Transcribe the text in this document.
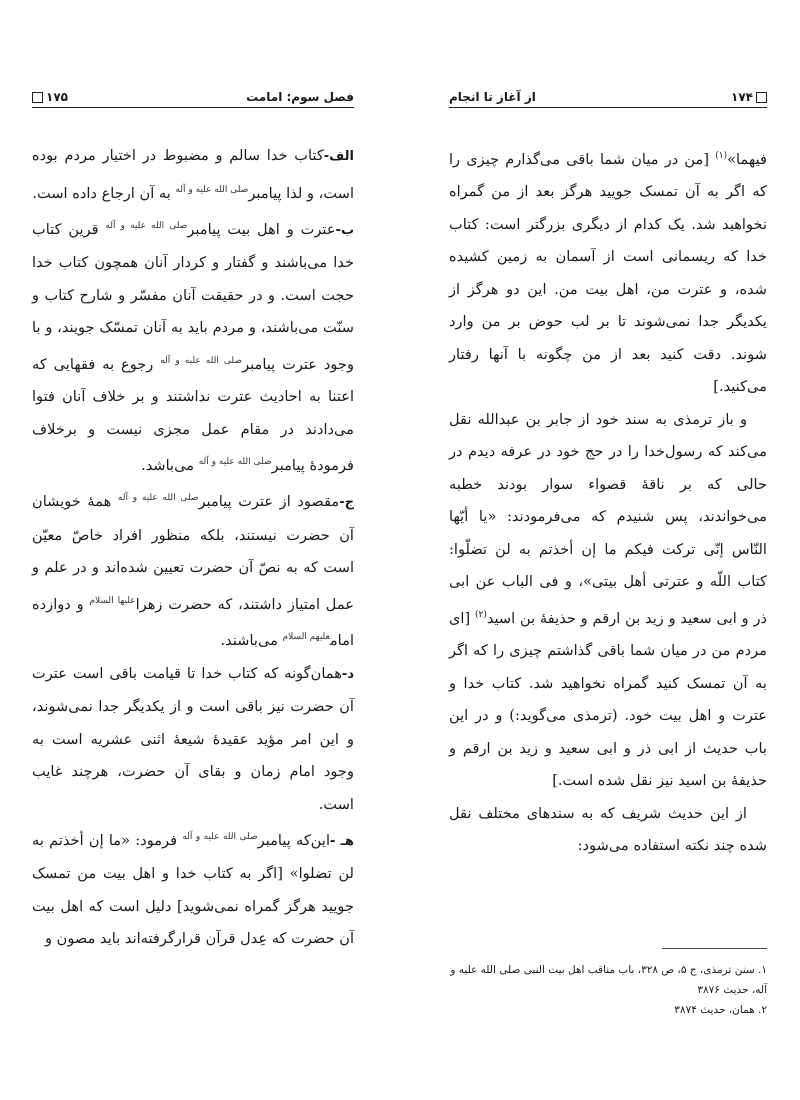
فصل سوم: امامت
۱۷۵

الف-کتاب خدا سالم و مضبوط در اختیار مردم بوده است، و لذا پیامبر$^{صلی الله علیه و آله}$ به آن ارجاع داده است.

ب-عترت و اهل بیت پیامبر$^{صلی الله علیه و آله}$ قرین کتاب خدا می‌باشند و گفتار و کردار آنان همچون کتاب خدا حجت است. و در حقیقت آنان مفسّر و شارح کتاب و سنّت می‌باشند، و مردم باید به آنان تمسّک جویند، و با وجود عترت پیامبر$^{صلی الله علیه و آله}$ رجوع به فقهایی که اعتنا به احادیث عترت نداشتند و بر خلاف آنان فتوا می‌دادند در مقام عمل مجزی نیست و برخلاف فرمودهٔ پیامبر$^{صلی الله علیه و آله}$ می‌باشد.

ج-مقصود از عترت پیامبر$^{صلی الله علیه و آله}$ همهٔ خویشان آن حضرت نیستند، بلکه منظور افراد خاصّ معیّن است که به نصّ آن حضرت تعیین شده‌اند و در علم و عمل امتیاز داشتند، که حضرت زهرا$^{علیها السلام}$ و دوازده امام$^{علیهم السلام}$ می‌باشند.

د-همان‌گونه که کتاب خدا تا قیامت باقی است عترت آن حضرت نیز باقی است و از یکدیگر جدا نمی‌شوند، و این امر مؤید عقیدهٔ شیعهٔ اثنی عشریه است به وجود امام زمان و بقای آن حضرت، هرچند غایب است.

هـ -این‌که پیامبر$^{صلی الله علیه و آله}$ فرمود: «ما إن أخذتم به لن تضلوا» [اگر به کتاب خدا و اهل بیت من تمسک جویید هرگز گمراه نمی‌شوید] دلیل است که اهل بیت آن حضرت که عِدل قرآن قرارگرفته‌اند باید مصون و

۱۷۴
از آغاز تا انجام

فیهما»$^{(۱)}$ [من در میان شما باقی می‌گذارم چیزی را که اگر به آن تمسک جویید هرگز بعد از من گمراه نخواهید شد. یک کدام از دیگری بزرگتر است: کتاب خدا که ریسمانی است از آسمان به زمین کشیده شده، و عترت من، اهل بیت من. این دو هرگز از یکدیگر جدا نمی‌شوند تا بر لب حوض بر من وارد شوند. دقت کنید بعد از من چگونه با آنها رفتار می‌کنید.]

و باز ترمذی به سند خود از جابر بن عبدالله نقل می‌کند که رسول‌خدا را در حج خود در عرفه دیدم در حالی که بر ناقهٔ قصواء سوار بودند خطبه می‌خواندند، پس شنیدم که می‌فرمودند: «یا أیّها النّاس إنّی ترکت فیکم ما إن أخذتم به لن تضلّوا: کتاب اللّه و عترتی أهل بیتی»، و فی الباب عن ابی ذر و ابی سعید و زید بن ارقم و حذیفهٔ بن اسید$^{(۲)}$ [ای مردم من در میان شما باقی گذاشتم چیزی را که اگر به آن تمسک کنید گمراه نخواهید شد. کتاب خدا و عترت و اهل بیت خود. (ترمذی می‌گوید:) و در این باب حدیث از ابی ذر و ابی سعید و زید بن ارقم و حذیفهٔ بن اسید نیز نقل شده است.]

از این حدیث شریف که به سندهای مختلف نقل شده چند نکته استفاده می‌شود:

۱. سنن ترمذی، ج ۵، ص ۳۲۸، باب مناقب اهل بیت النبی صلی الله علیه و آله، حدیث ۳۸۷۶

۲. همان، حدیث ۳۸۷۴
